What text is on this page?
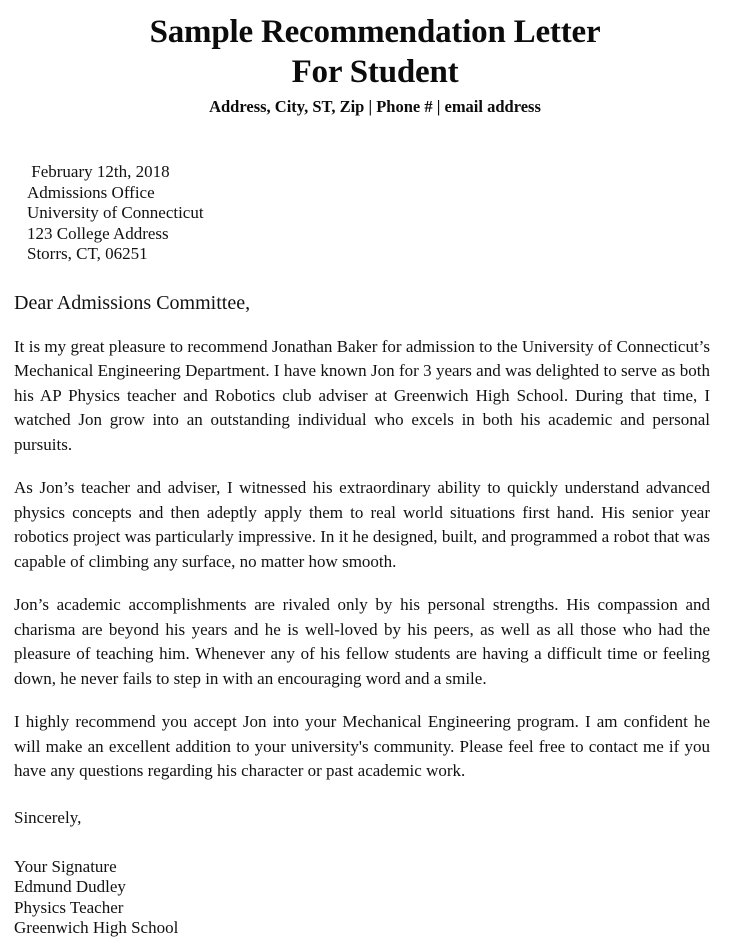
Sample Recommendation Letter
For Student
Address, City, ST, Zip | Phone # | email address
February 12th, 2018
Admissions Office
University of Connecticut
123 College Address
Storrs, CT, 06251
Dear Admissions Committee,

It is my great pleasure to recommend Jonathan Baker for admission to the University of Connecticut’s Mechanical Engineering Department. I have known Jon for 3 years and was delighted to serve as both his AP Physics teacher and Robotics club adviser at Greenwich High School. During that time, I watched Jon grow into an outstanding individual who excels in both his academic and personal pursuits.

As Jon’s teacher and adviser, I witnessed his extraordinary ability to quickly understand advanced physics concepts and then adeptly apply them to real world situations first hand. His senior year robotics project was particularly impressive. In it he designed, built, and programmed a robot that was capable of climbing any surface, no matter how smooth.

Jon’s academic accomplishments are rivaled only by his personal strengths. His compassion and charisma are beyond his years and he is well-loved by his peers, as well as all those who had the pleasure of teaching him. Whenever any of his fellow students are having a difficult time or feeling down, he never fails to step in with an encouraging word and a smile.

I highly recommend you accept Jon into your Mechanical Engineering program. I am confident he will make an excellent addition to your university's community. Please feel free to contact me if you have any questions regarding his character or past academic work.

Sincerely,
Your Signature
Edmund Dudley
Physics Teacher
Greenwich High School
